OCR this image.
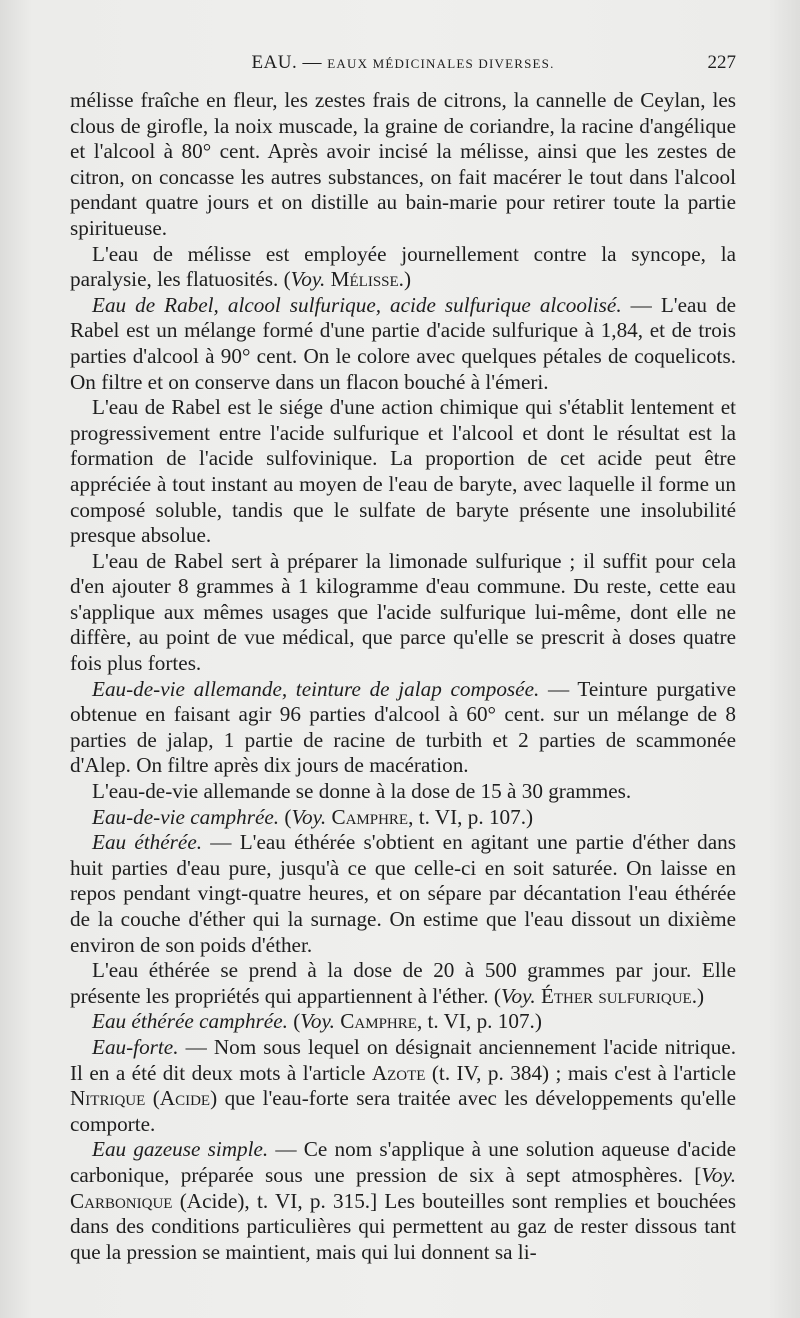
EAU. — EAUX MÉDICINALES DIVERSES.	227

mélisse fraîche en fleur, les zestes frais de citrons, la cannelle de Ceylan, les clous de girofle, la noix muscade, la graine de coriandre, la racine d'angélique et l'alcool à 80° cent. Après avoir incisé la mélisse, ainsi que les zestes de citron, on concasse les autres substances, on fait macérer le tout dans l'alcool pendant quatre jours et on distille au bain-marie pour retirer toute la partie spiritueuse.

L'eau de mélisse est employée journellement contre la syncope, la paralysie, les flatuosités. (Voy. Mélisse.)

Eau de Rabel, alcool sulfurique, acide sulfurique alcoolisé. — L'eau de Rabel est un mélange formé d'une partie d'acide sulfurique à 1,84, et de trois parties d'alcool à 90° cent. On le colore avec quelques pétales de coquelicots. On filtre et on conserve dans un flacon bouché à l'émeri.

L'eau de Rabel est le siége d'une action chimique qui s'établit lentement et progressivement entre l'acide sulfurique et l'alcool et dont le résultat est la formation de l'acide sulfovinique. La proportion de cet acide peut être appréciée à tout instant au moyen de l'eau de baryte, avec laquelle il forme un composé soluble, tandis que le sulfate de baryte présente une insolubilité presque absolue.

L'eau de Rabel sert à préparer la limonade sulfurique ; il suffit pour cela d'en ajouter 8 grammes à 1 kilogramme d'eau commune. Du reste, cette eau s'applique aux mêmes usages que l'acide sulfurique lui-même, dont elle ne diffère, au point de vue médical, que parce qu'elle se prescrit à doses quatre fois plus fortes.

Eau-de-vie allemande, teinture de jalap composée. — Teinture purgative obtenue en faisant agir 96 parties d'alcool à 60° cent. sur un mélange de 8 parties de jalap, 1 partie de racine de turbith et 2 parties de scammonée d'Alep. On filtre après dix jours de macération.

L'eau-de-vie allemande se donne à la dose de 15 à 30 grammes.

Eau-de-vie camphrée. (Voy. Camphre, t. VI, p. 107.)

Eau éthérée. — L'eau éthérée s'obtient en agitant une partie d'éther dans huit parties d'eau pure, jusqu'à ce que celle-ci en soit saturée. On laisse en repos pendant vingt-quatre heures, et on sépare par décantation l'eau éthérée de la couche d'éther qui la surnage. On estime que l'eau dissout un dixième environ de son poids d'éther.

L'eau éthérée se prend à la dose de 20 à 500 grammes par jour. Elle présente les propriétés qui appartiennent à l'éther. (Voy. Éther sulfurique.)

Eau éthérée camphrée. (Voy. Camphre, t. VI, p. 107.)

Eau-forte. — Nom sous lequel on désignait anciennement l'acide nitrique. Il en a été dit deux mots à l'article Azote (t. IV, p. 384) ; mais c'est à l'article Nitrique (Acide) que l'eau-forte sera traitée avec les développements qu'elle comporte.

Eau gazeuse simple. — Ce nom s'applique à une solution aqueuse d'acide carbonique, préparée sous une pression de six à sept atmosphères. [Voy. Carbonique (Acide), t. VI, p. 315.] Les bouteilles sont remplies et bouchées dans des conditions particulières qui permettent au gaz de rester dissous tant que la pression se maintient, mais qui lui donnent sa li-
